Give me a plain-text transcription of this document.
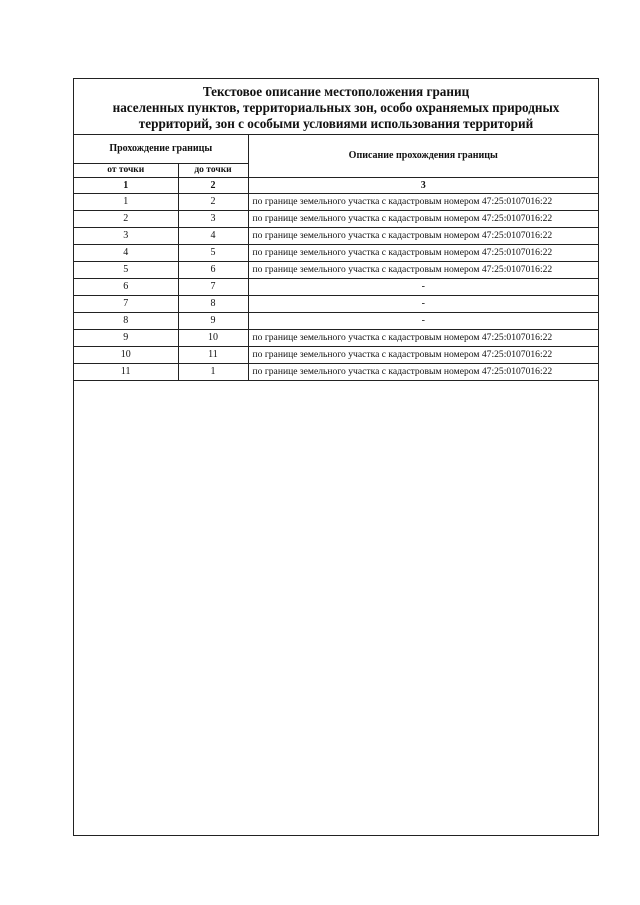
Текстовое описание местоположения границ
населенных пунктов, территориальных зон, особо охраняемых природных
территорий, зон с особыми условиями использования территорий
Прохождение границы		Описание прохождения границы
от точки	до точки	
1	2	3
1	2	по границе земельного участка с кадастровым номером 47:25:0107016:22
2	3	по границе земельного участка с кадастровым номером 47:25:0107016:22
3	4	по границе земельного участка с кадастровым номером 47:25:0107016:22
4	5	по границе земельного участка с кадастровым номером 47:25:0107016:22
5	6	по границе земельного участка с кадастровым номером 47:25:0107016:22
6	7	-
7	8	-
8	9	-
9	10	по границе земельного участка с кадастровым номером 47:25:0107016:22
10	11	по границе земельного участка с кадастровым номером 47:25:0107016:22
11	1	по границе земельного участка с кадастровым номером 47:25:0107016:22
